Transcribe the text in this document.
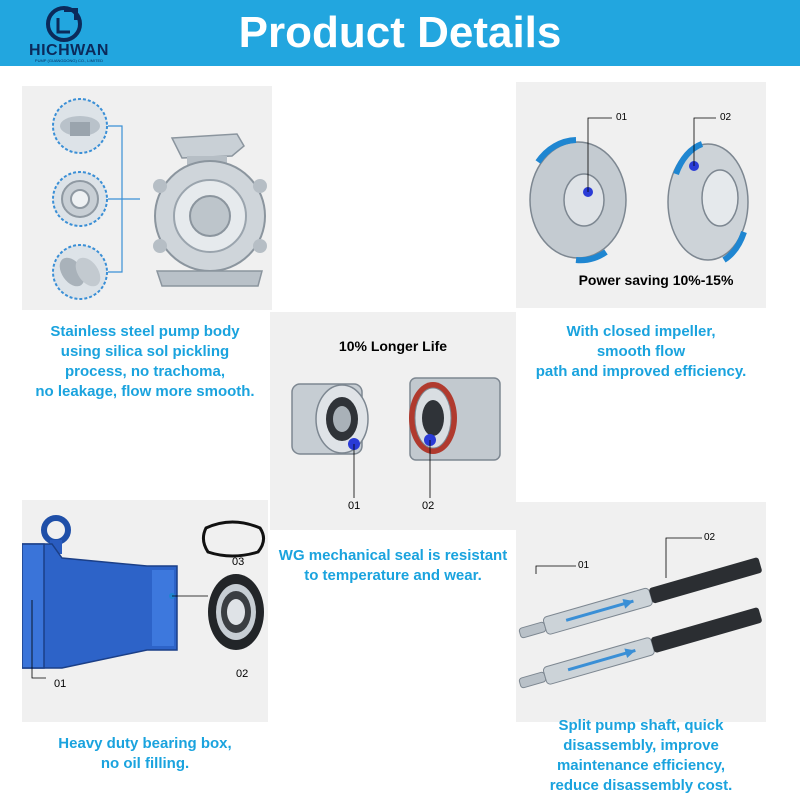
HICHWAN
PUMP (GUANGDONG) CO., LIMITED
Product Details
Stainless steel pump body
using silica sol pickling
process, no trachoma,
no leakage, flow more smooth.
10% Longer Life
01	02
WG mechanical seal is resistant
to temperature and wear.
01	02
Power saving 10%-15%
With closed impeller,
smooth flow
path and improved efficiency.
01
02
03
Heavy duty bearing box,
no oil filling.
01
02
Split pump shaft, quick
disassembly, improve
maintenance efficiency,
reduce disassembly cost.
